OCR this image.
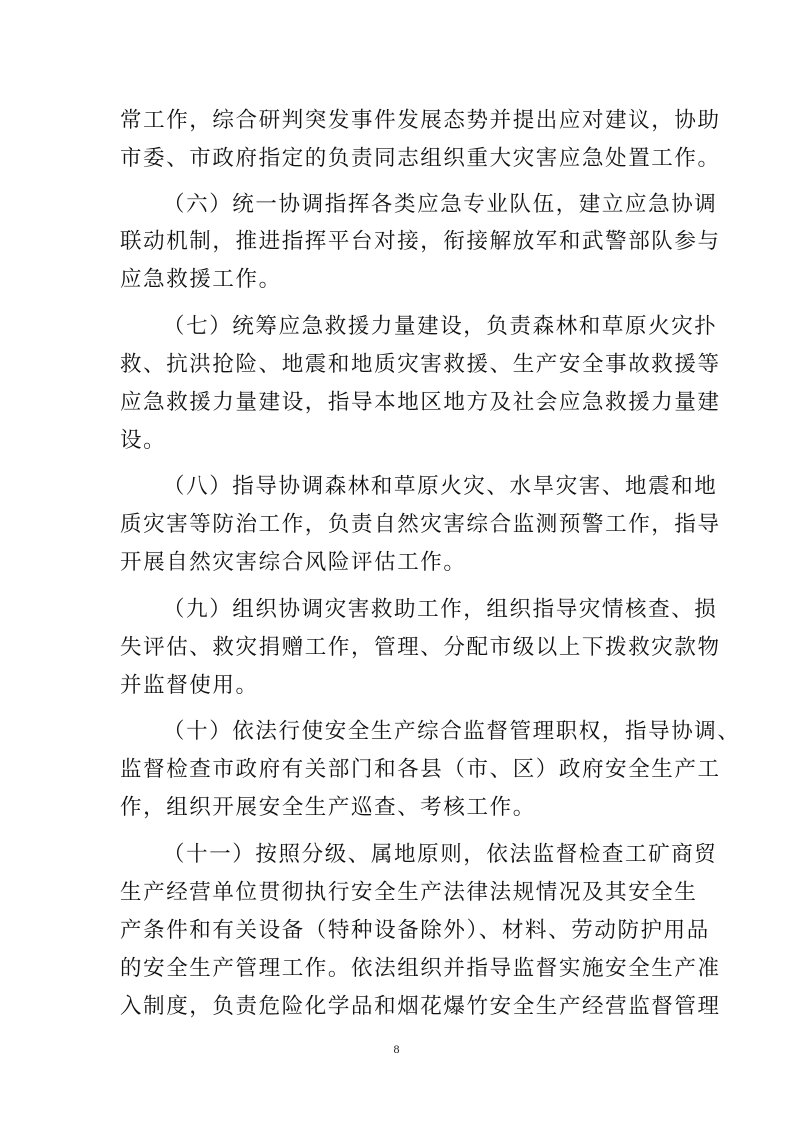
常工作，综合研判突发事件发展态势并提出应对建议，协助
市委、市政府指定的负责同志组织重大灾害应急处置工作。
（六）统一协调指挥各类应急专业队伍，建立应急协调
联动机制，推进指挥平台对接，衔接解放军和武警部队参与
应急救援工作。
（七）统筹应急救援力量建设，负责森林和草原火灾扑
救、抗洪抢险、地震和地质灾害救援、生产安全事故救援等
应急救援力量建设，指导本地区地方及社会应急救援力量建
设。
（八）指导协调森林和草原火灾、水旱灾害、地震和地
质灾害等防治工作，负责自然灾害综合监测预警工作，指导
开展自然灾害综合风险评估工作。
（九）组织协调灾害救助工作，组织指导灾情核查、损
失评估、救灾捐赠工作，管理、分配市级以上下拨救灾款物
并监督使用。
（十）依法行使安全生产综合监督管理职权，指导协调、
监督检查市政府有关部门和各县（市、区）政府安全生产工
作，组织开展安全生产巡查、考核工作。
（十一）按照分级、属地原则，依法监督检查工矿商贸
生产经营单位贯彻执行安全生产法律法规情况及其安全生
产条件和有关设备（特种设备除外）、材料、劳动防护用品
的安全生产管理工作。依法组织并指导监督实施安全生产准
入制度，负责危险化学品和烟花爆竹安全生产经营监督管理
8
